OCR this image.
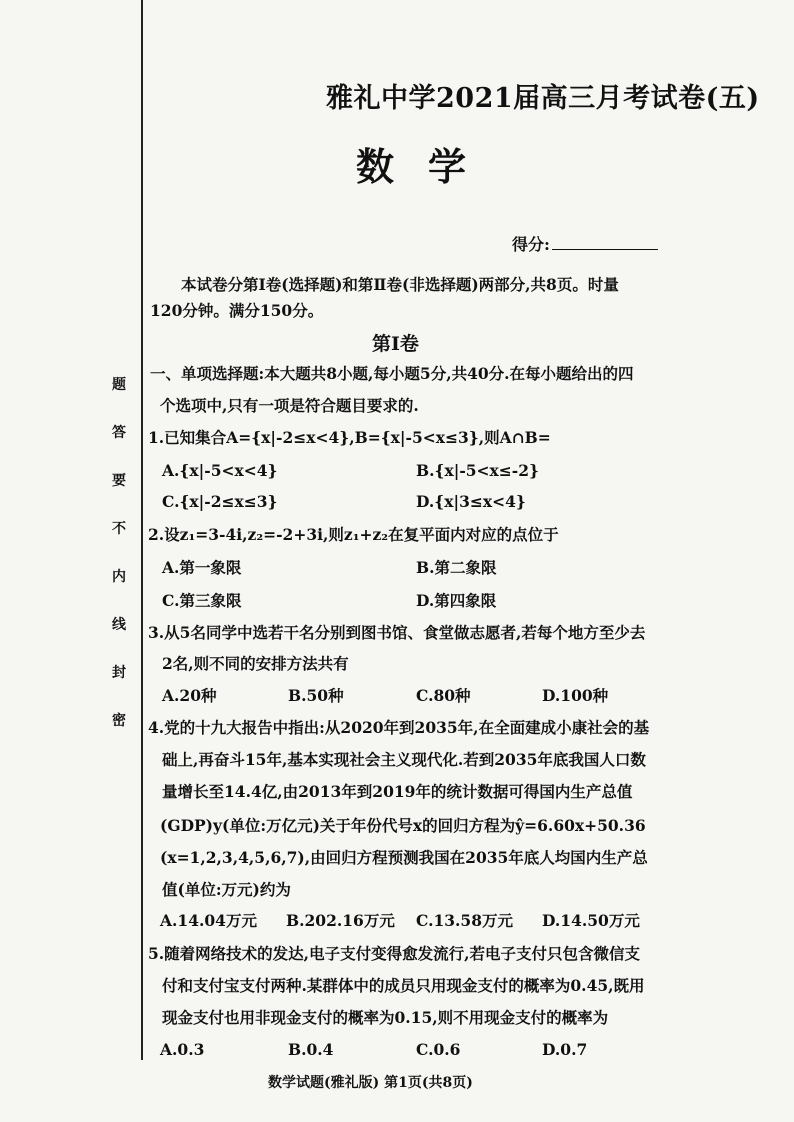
题
答
要
不
内
线
封
密
雅礼中学2021届高三月考试卷(五)
数学
得分:
本试卷分第Ⅰ卷(选择题)和第Ⅱ卷(非选择题)两部分,共8页。时量
120分钟。满分150分。
第Ⅰ卷
一、单项选择题:本大题共8小题,每小题5分,共40分.在每小题给出的四
个选项中,只有一项是符合题目要求的.
1.已知集合A={x|-2≤x<4},B={x|-5<x≤3},则A∩B=
A.{x|-5<x<4}	B.{x|-5<x≤-2}
C.{x|-2≤x≤3}	D.{x|3≤x<4}
2.设z₁=3-4i,z₂=-2+3i,则z₁+z₂在复平面内对应的点位于
A.第一象限	B.第二象限
C.第三象限	D.第四象限
3.从5名同学中选若干名分别到图书馆、食堂做志愿者,若每个地方至少去
2名,则不同的安排方法共有
A.20种	B.50种	C.80种	D.100种
4.党的十九大报告中指出:从2020年到2035年,在全面建成小康社会的基
础上,再奋斗15年,基本实现社会主义现代化.若到2035年底我国人口数
量增长至14.4亿,由2013年到2019年的统计数据可得国内生产总值
(GDP)y(单位:万亿元)关于年份代号x的回归方程为ŷ=6.60x+50.36
(x=1,2,3,4,5,6,7),由回归方程预测我国在2035年底人均国内生产总
值(单位:万元)约为
A.14.04万元 B.202.16万元 C.13.58万元 D.14.50万元
5.随着网络技术的发达,电子支付变得愈发流行,若电子支付只包含微信支
付和支付宝支付两种.某群体中的成员只用现金支付的概率为0.45,既用
现金支付也用非现金支付的概率为0.15,则不用现金支付的概率为
A.0.3	B.0.4	C.0.6	D.0.7
数学试题(雅礼版) 第1页(共8页)
